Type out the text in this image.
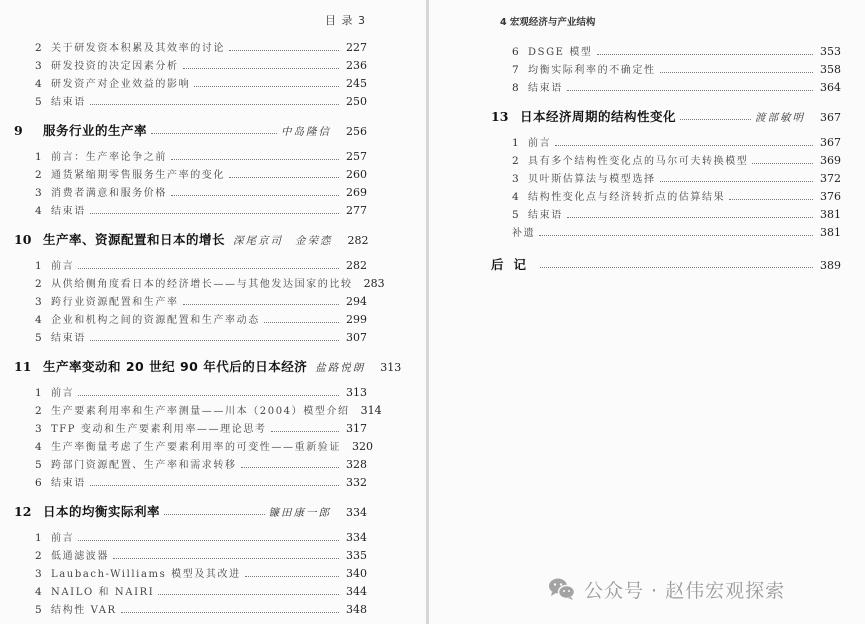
目 录 3
2 关于研发资本积累及其效率的讨论	227
3 研发投资的决定因素分析	236
4 研发资产对企业效益的影响	245
5 结束语	250
9	服务行业的生产率	中岛隆信 256
1 前言：生产率论争之前	257
2 通货紧缩期零售服务生产率的变化	260
3 消费者满意和服务价格	269
4 结束语	277
10 生产率、资源配置和日本的增长 深尾京司 金荣悫 282
1 前言	282
2 从供给侧角度看日本的经济增长——与其他发达国家的比较 283
3 跨行业资源配置和生产率	294
4 企业和机构之间的资源配置和生产率动态	299
5 结束语	307
11 生产率变动和 20 世纪 90 年代后的日本经济 盐路悦朗 313
1 前言	313
2 生产要素利用率和生产率测量——川本（2004）模型介绍 314
3 TFP 变动和生产要素利用率——理论思考	317
4 生产率衡量考虑了生产要素利用率的可变性——重新验证 320
5 跨部门资源配置、生产率和需求转移	328
6 结束语	332
12 日本的均衡实际利率	镰田康一郎 334
1 前言	334
2 低通滤波器	335
3 Laubach-Williams 模型及其改进	340
4 NAILO 和 NAIRI	344
5 结构性 VAR	348
4 宏观经济与产业结构
6 DSGE 模型	353
7 均衡实际利率的不确定性	358
8 结束语	364
13 日本经济周期的结构性变化	渡部敏明 367
1 前言	367
2 具有多个结构性变化点的马尔可夫转换模型	369
3 贝叶斯估算法与模型选择	372
4 结构性变化点与经济转折点的估算结果	376
5 结束语	381
补遗	381
后记	389
公众号 · 赵伟宏观探索
